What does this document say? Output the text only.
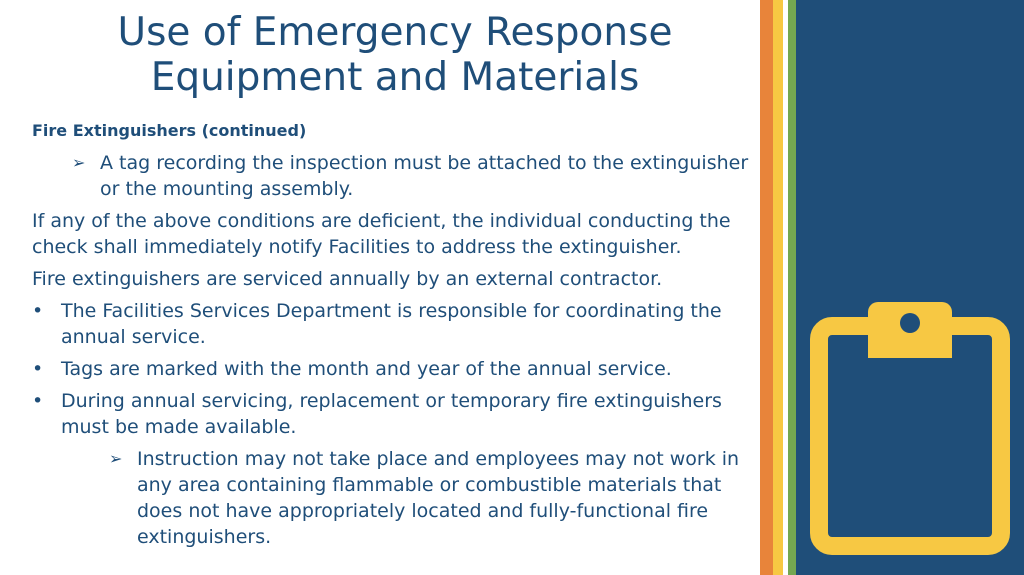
Use of Emergency Response
Equipment and Materials

Fire Extinguishers (continued)

➢ A tag recording the inspection must be attached to the extinguisher or the mounting assembly.

If any of the above conditions are deficient, the individual conducting the check shall immediately notify Facilities to address the extinguisher.

Fire extinguishers are serviced annually by an external contractor.

• The Facilities Services Department is responsible for coordinating the annual service.
• Tags are marked with the month and year of the annual service.
• During annual servicing, replacement or temporary fire extinguishers must be made available.
➢ Instruction may not take place and employees may not work in any area containing flammable or combustible materials that does not have appropriately located and fully-functional fire extinguishers.
